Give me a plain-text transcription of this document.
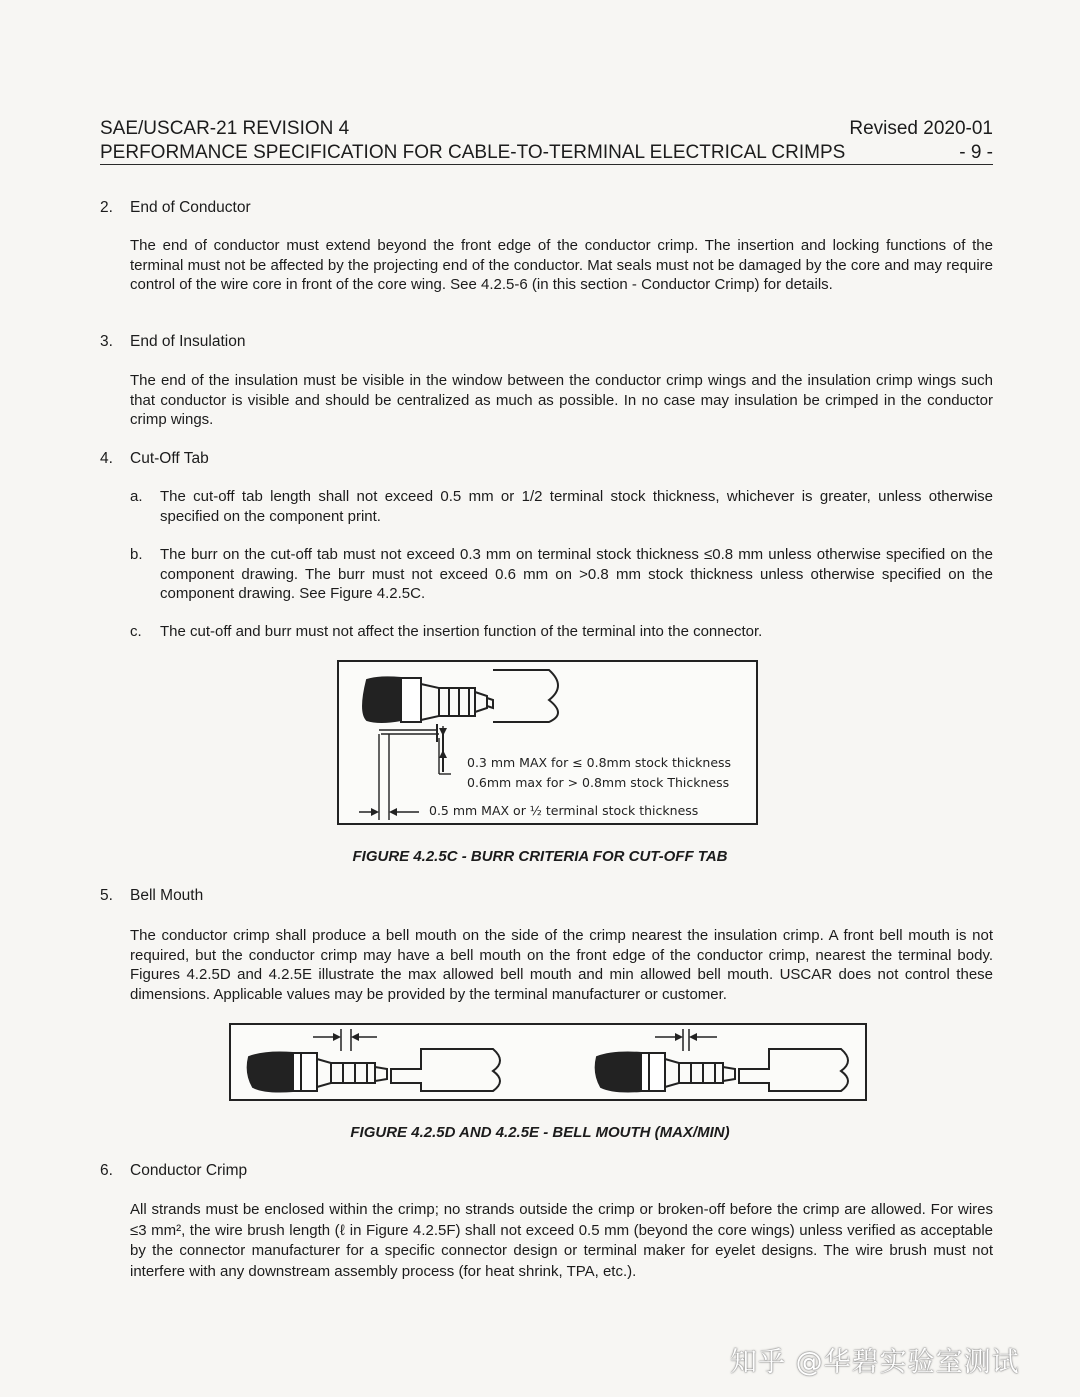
SAE/USCAR-21 REVISION 4	Revised 2020-01
PERFORMANCE SPECIFICATION FOR CABLE-TO-TERMINAL ELECTRICAL CRIMPS	- 9 -
2. End of Conductor
The end of conductor must extend beyond the front edge of the conductor crimp. The insertion and locking functions of the terminal must not be affected by the projecting end of the conductor. Mat seals must not be damaged by the core and may require control of the wire core in front of the core wing. See 4.2.5-6 (in this section - Conductor Crimp) for details.
3. End of Insulation
The end of the insulation must be visible in the window between the conductor crimp wings and the insulation crimp wings such that conductor is visible and should be centralized as much as possible. In no case may insulation be crimped in the conductor crimp wings.
4. Cut-Off Tab
a. The cut-off tab length shall not exceed 0.5 mm or 1/2 terminal stock thickness, whichever is greater, unless otherwise specified on the component print.
b. The burr on the cut-off tab must not exceed 0.3 mm on terminal stock thickness ≤0.8 mm unless otherwise specified on the component drawing. The burr must not exceed 0.6 mm on >0.8 mm stock thickness unless otherwise specified on the component drawing. See Figure 4.2.5C.
c. The cut-off and burr must not affect the insertion function of the terminal into the connector.
0.3 mm MAX for ≤ 0.8mm stock thickness
0.6mm max for > 0.8mm stock Thickness
0.5 mm MAX or ½ terminal stock thickness
FIGURE 4.2.5C - BURR CRITERIA FOR CUT-OFF TAB
5. Bell Mouth
The conductor crimp shall produce a bell mouth on the side of the crimp nearest the insulation crimp. A front bell mouth is not required, but the conductor crimp may have a bell mouth on the front edge of the conductor crimp, nearest the terminal body. Figures 4.2.5D and 4.2.5E illustrate the max allowed bell mouth and min allowed bell mouth. USCAR does not control these dimensions. Applicable values may be provided by the terminal manufacturer or customer.
FIGURE 4.2.5D AND 4.2.5E - BELL MOUTH (MAX/MIN)
6. Conductor Crimp
All strands must be enclosed within the crimp; no strands outside the crimp or broken-off before the crimp are allowed. For wires ≤3 mm², the wire brush length (ℓ in Figure 4.2.5F) shall not exceed 0.5 mm (beyond the core wings) unless verified as acceptable by the connector manufacturer for a specific connector design or terminal maker for eyelet designs. The wire brush must not interfere with any downstream assembly process (for heat shrink, TPA, etc.).
知乎 @华碧实验室测试
